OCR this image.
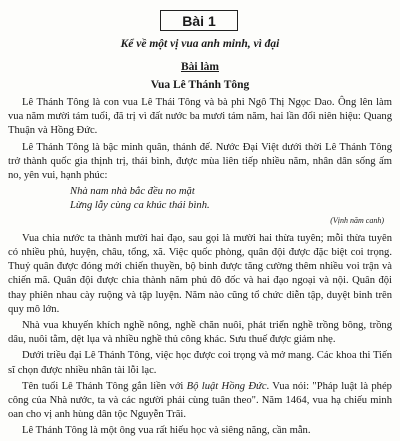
Bài 1
Kể về một vị vua anh minh, vì đại
Bài làm
Vua Lê Thánh Tông

Lê Thánh Tông là con vua Lê Thái Tông và bà phi Ngô Thị Ngọc Dao. Ông lên làm vua năm mười tám tuổi, đã trị vì đất nước ba mươi tám năm, hai lần đổi niên hiệu: Quang Thuận và Hồng Đức.

Lê Thánh Tông là bậc minh quân, thánh đế. Nước Đại Việt dưới thời Lê Thánh Tông trở thành quốc gia thịnh trị, thái bình, được mùa liên tiếp nhiều năm, nhân dân sống ấm no, yên vui, hạnh phúc:

Nhà nam nhà bắc đều no mặt
Lừng lẫy cùng ca khúc thái bình.
(Vịnh năm canh)

Vua chia nước ta thành mười hai đạo, sau gọi là mười hai thừa tuyên; mỗi thừa tuyên có nhiều phủ, huyện, châu, tổng, xã. Việc quốc phòng, quân đội được đặc biệt coi trọng. Thuỷ quân được đóng mới chiến thuyền, bộ binh được tăng cường thêm nhiều voi trận và chiến mã. Quân đội được chia thành năm phủ đô đốc và hai đạo ngoại và nội. Quân đội thay phiên nhau cày ruộng và tập luyện. Năm nào cũng tổ chức diễn tập, duyệt binh trên quy mô lớn.

Nhà vua khuyến khích nghề nông, nghề chăn nuôi, phát triển nghề trồng bông, trồng dâu, nuôi tằm, dệt lụa và nhiều nghề thủ công khác. Sưu thuế được giảm nhẹ.

Dưới triều đại Lê Thánh Tông, việc học được coi trọng và mở mang. Các khoa thi Tiến sĩ chọn được nhiều nhân tài lỗi lạc.

Tên tuổi Lê Thánh Tông gắn liền với Bộ luật Hồng Đức. Vua nói: "Pháp luật là phép công của Nhà nước, ta và các người phải cùng tuân theo". Năm 1464, vua hạ chiếu minh oan cho vị anh hùng dân tộc Nguyễn Trãi.

Lê Thánh Tông là một ông vua rất hiếu học và siêng năng, cần mẫn.
